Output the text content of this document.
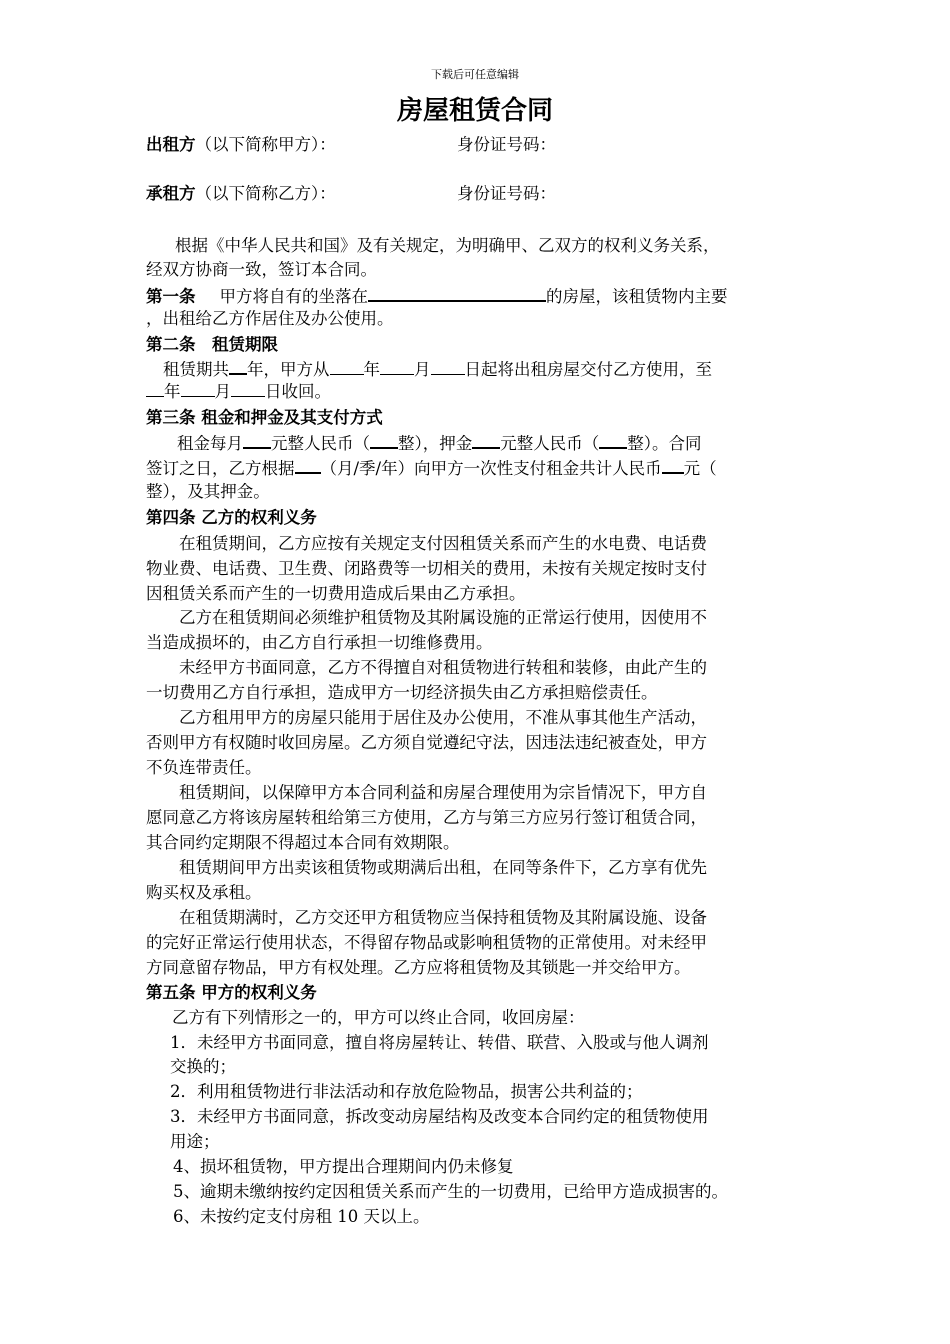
下载后可任意编辑
房屋租赁合同
出租方（以下简称甲方）：	身份证号码：
承租方（以下简称乙方）：	身份证号码：
根据《中华人民共和国》及有关规定，为明确甲、乙双方的权利义务关系，
经双方协商一致，签订本合同。
第一条 甲方将自有的坐落在	的房屋，该租赁物内主要
，出租给乙方作居住及办公使用。
第二条　租赁期限
租赁期共 年，甲方从 年 月 日起将出租房屋交付乙方使用，至
年 月 日收回。
第三条 租金和押金及其支付方式
租金每月 元整人民币（ 整），押金 元整人民币（ 整）。合同
签订之日，乙方根据 （月/季/年）向甲方一次性支付租金共计人民币 元（
整），及其押金。
第四条 乙方的权利义务
在租赁期间，乙方应按有关规定支付因租赁关系而产生的水电费、电话费
物业费、电话费、卫生费、闭路费等一切相关的费用，未按有关规定按时支付
因租赁关系而产生的一切费用造成后果由乙方承担。
乙方在租赁期间必须维护租赁物及其附属设施的正常运行使用，因使用不
当造成损坏的，由乙方自行承担一切维修费用。
未经甲方书面同意，乙方不得擅自对租赁物进行转租和装修，由此产生的
一切费用乙方自行承担，造成甲方一切经济损失由乙方承担赔偿责任。
乙方租用甲方的房屋只能用于居住及办公使用，不准从事其他生产活动，
否则甲方有权随时收回房屋。乙方须自觉遵纪守法，因违法违纪被查处，甲方
不负连带责任。
租赁期间，以保障甲方本合同利益和房屋合理使用为宗旨情况下，甲方自
愿同意乙方将该房屋转租给第三方使用，乙方与第三方应另行签订租赁合同，
其合同约定期限不得超过本合同有效期限。
租赁期间甲方出卖该租赁物或期满后出租，在同等条件下，乙方享有优先
购买权及承租。
在租赁期满时，乙方交还甲方租赁物应当保持租赁物及其附属设施、设备
的完好正常运行使用状态，不得留存物品或影响租赁物的正常使用。对未经甲
方同意留存物品，甲方有权处理。乙方应将租赁物及其锁匙一并交给甲方。
第五条 甲方的权利义务
乙方有下列情形之一的，甲方可以终止合同，收回房屋：
1．未经甲方书面同意，擅自将房屋转让、转借、联营、入股或与他人调剂
交换的；
2．利用租赁物进行非法活动和存放危险物品，损害公共利益的；
3．未经甲方书面同意，拆改变动房屋结构及改变本合同约定的租赁物使用
用途；
4、损坏租赁物，甲方提出合理期间内仍未修复
5、逾期未缴纳按约定因租赁关系而产生的一切费用，已给甲方造成损害的。
6、未按约定支付房租 10 天以上。
